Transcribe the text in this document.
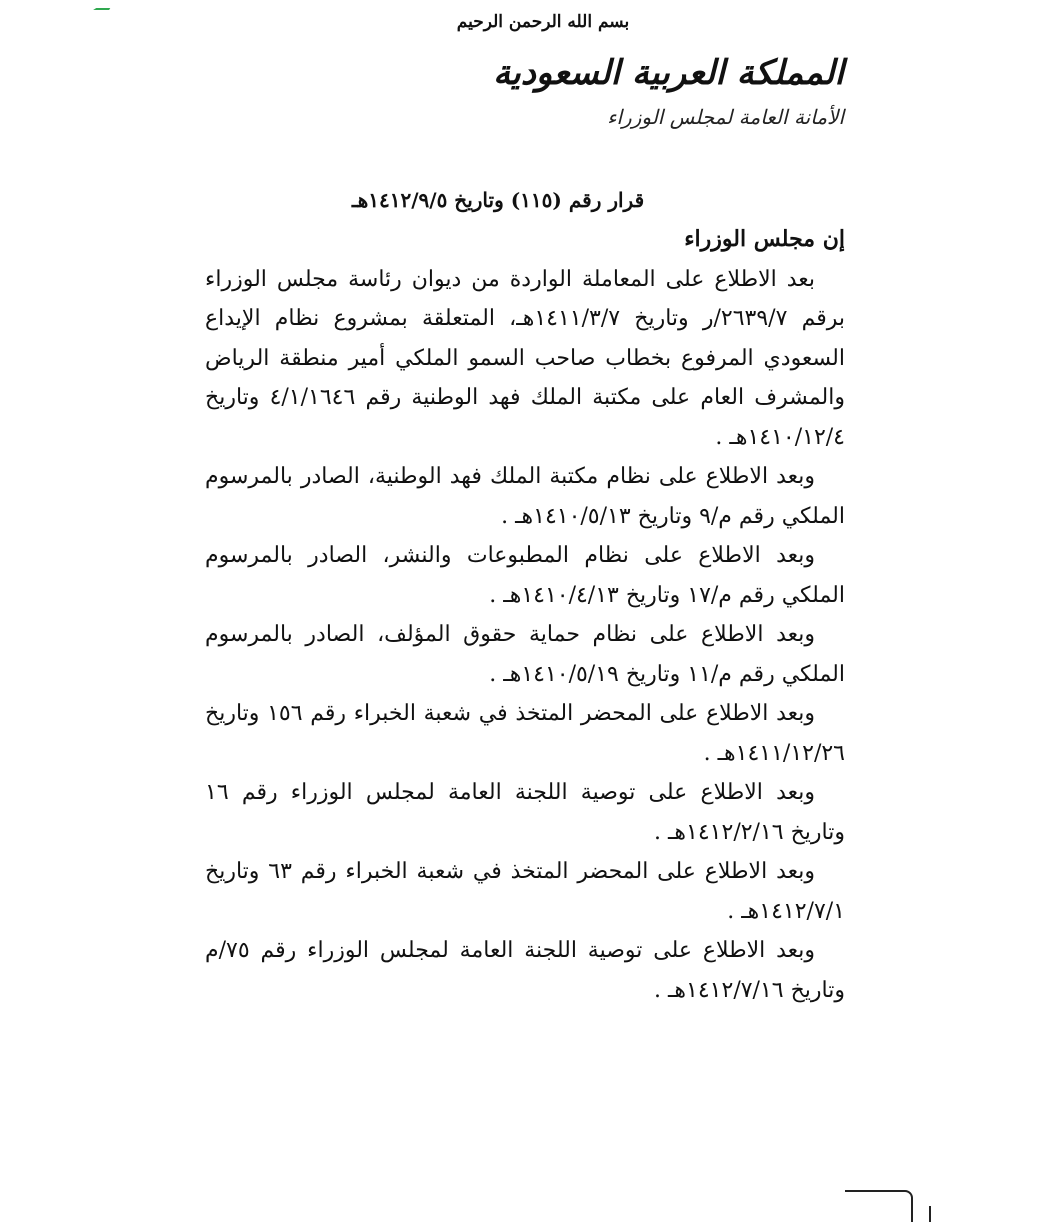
بسم الله الرحمن الرحيم
المملكة العربية السعودية
الأمانة العامة لمجلس الوزراء
قرار رقم (١١٥) وتاريخ ١٤١٢/٩/٥هـ
إن مجلس الوزراء

بعد الاطلاع على المعاملة الواردة من ديوان رئاسة مجلس الوزراء برقم ٢٦٣٩/٧/ر وتاريخ ١٤١١/٣/٧هـ، المتعلقة بمشروع نظام الإيداع السعودي المرفوع بخطاب صاحب السمو الملكي أمير منطقة الرياض والمشرف العام على مكتبة الملك فهد الوطنية رقم ٤/١/١٦٤٦ وتاريخ ١٤١٠/١٢/٤هـ .

وبعد الاطلاع على نظام مكتبة الملك فهد الوطنية، الصادر بالمرسوم الملكي رقم م/٩ وتاريخ ١٤١٠/٥/١٣هـ .

وبعد الاطلاع على نظام المطبوعات والنشر، الصادر بالمرسوم الملكي رقم م/١٧ وتاريخ ١٤١٠/٤/١٣هـ .

وبعد الاطلاع على نظام حماية حقوق المؤلف، الصادر بالمرسوم الملكي رقم م/١١ وتاريخ ١٤١٠/٥/١٩هـ .

وبعد الاطلاع على المحضر المتخذ في شعبة الخبراء رقم ١٥٦ وتاريخ ١٤١١/١٢/٢٦هـ .

وبعد الاطلاع على توصية اللجنة العامة لمجلس الوزراء رقم ١٦ وتاريخ ١٤١٢/٢/١٦هـ .

وبعد الاطلاع على المحضر المتخذ في شعبة الخبراء رقم ٦٣ وتاريخ ١٤١٢/٧/١هـ .

وبعد الاطلاع على توصية اللجنة العامة لمجلس الوزراء رقم ٧٥/م وتاريخ ١٤١٢/٧/١٦هـ .
